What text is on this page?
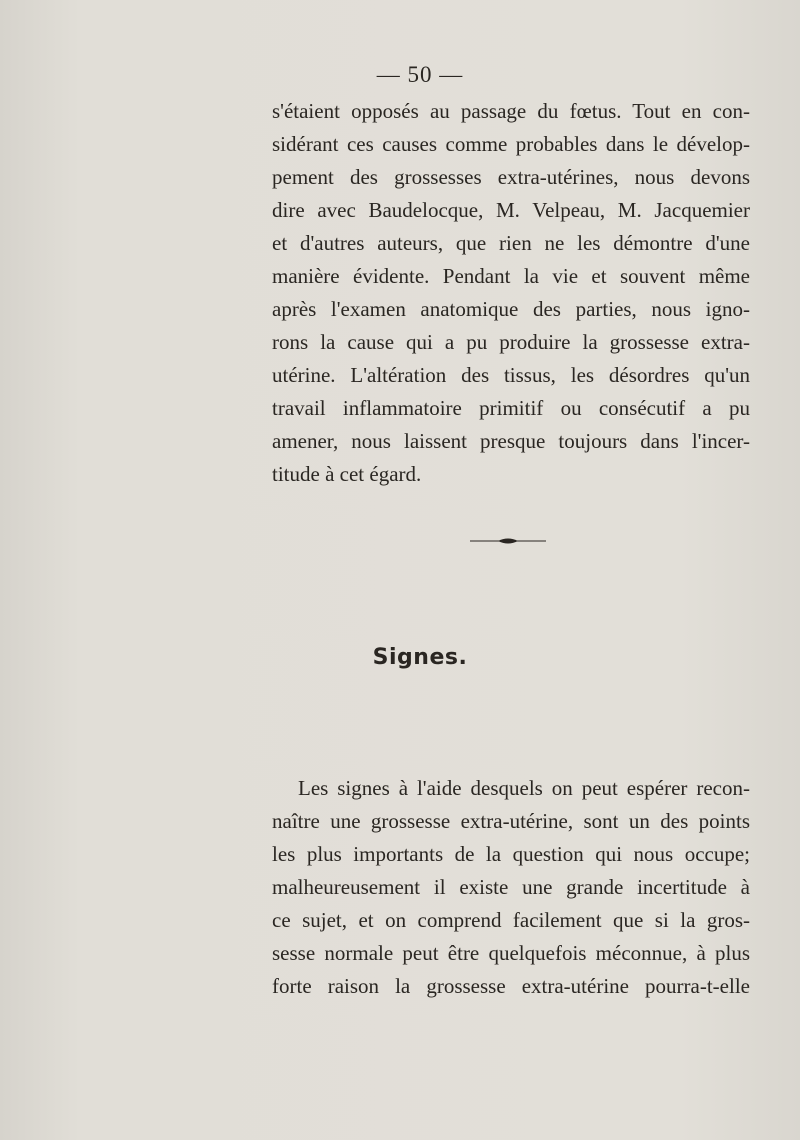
— 50 —

s'étaient opposés au passage du fœtus. Tout en con-
sidérant ces causes comme probables dans le dévelop-
pement des grossesses extra-utérines, nous devons
dire avec Baudelocque, M. Velpeau, M. Jacquemier
et d'autres auteurs, que rien ne les démontre d'une
manière évidente. Pendant la vie et souvent même
après l'examen anatomique des parties, nous igno-
rons la cause qui a pu produire la grossesse extra-
utérine. L'altération des tissus, les désordres qu'un
travail inflammatoire primitif ou consécutif a pu
amener, nous laissent presque toujours dans l'incer-
titude à cet égard.

Signes.

Les signes à l'aide desquels on peut espérer recon-
naître une grossesse extra-utérine, sont un des points
les plus importants de la question qui nous occupe;
malheureusement il existe une grande incertitude à
ce sujet, et on comprend facilement que si la gros-
sesse normale peut être quelquefois méconnue, à plus
forte raison la grossesse extra-utérine pourra-t-elle
